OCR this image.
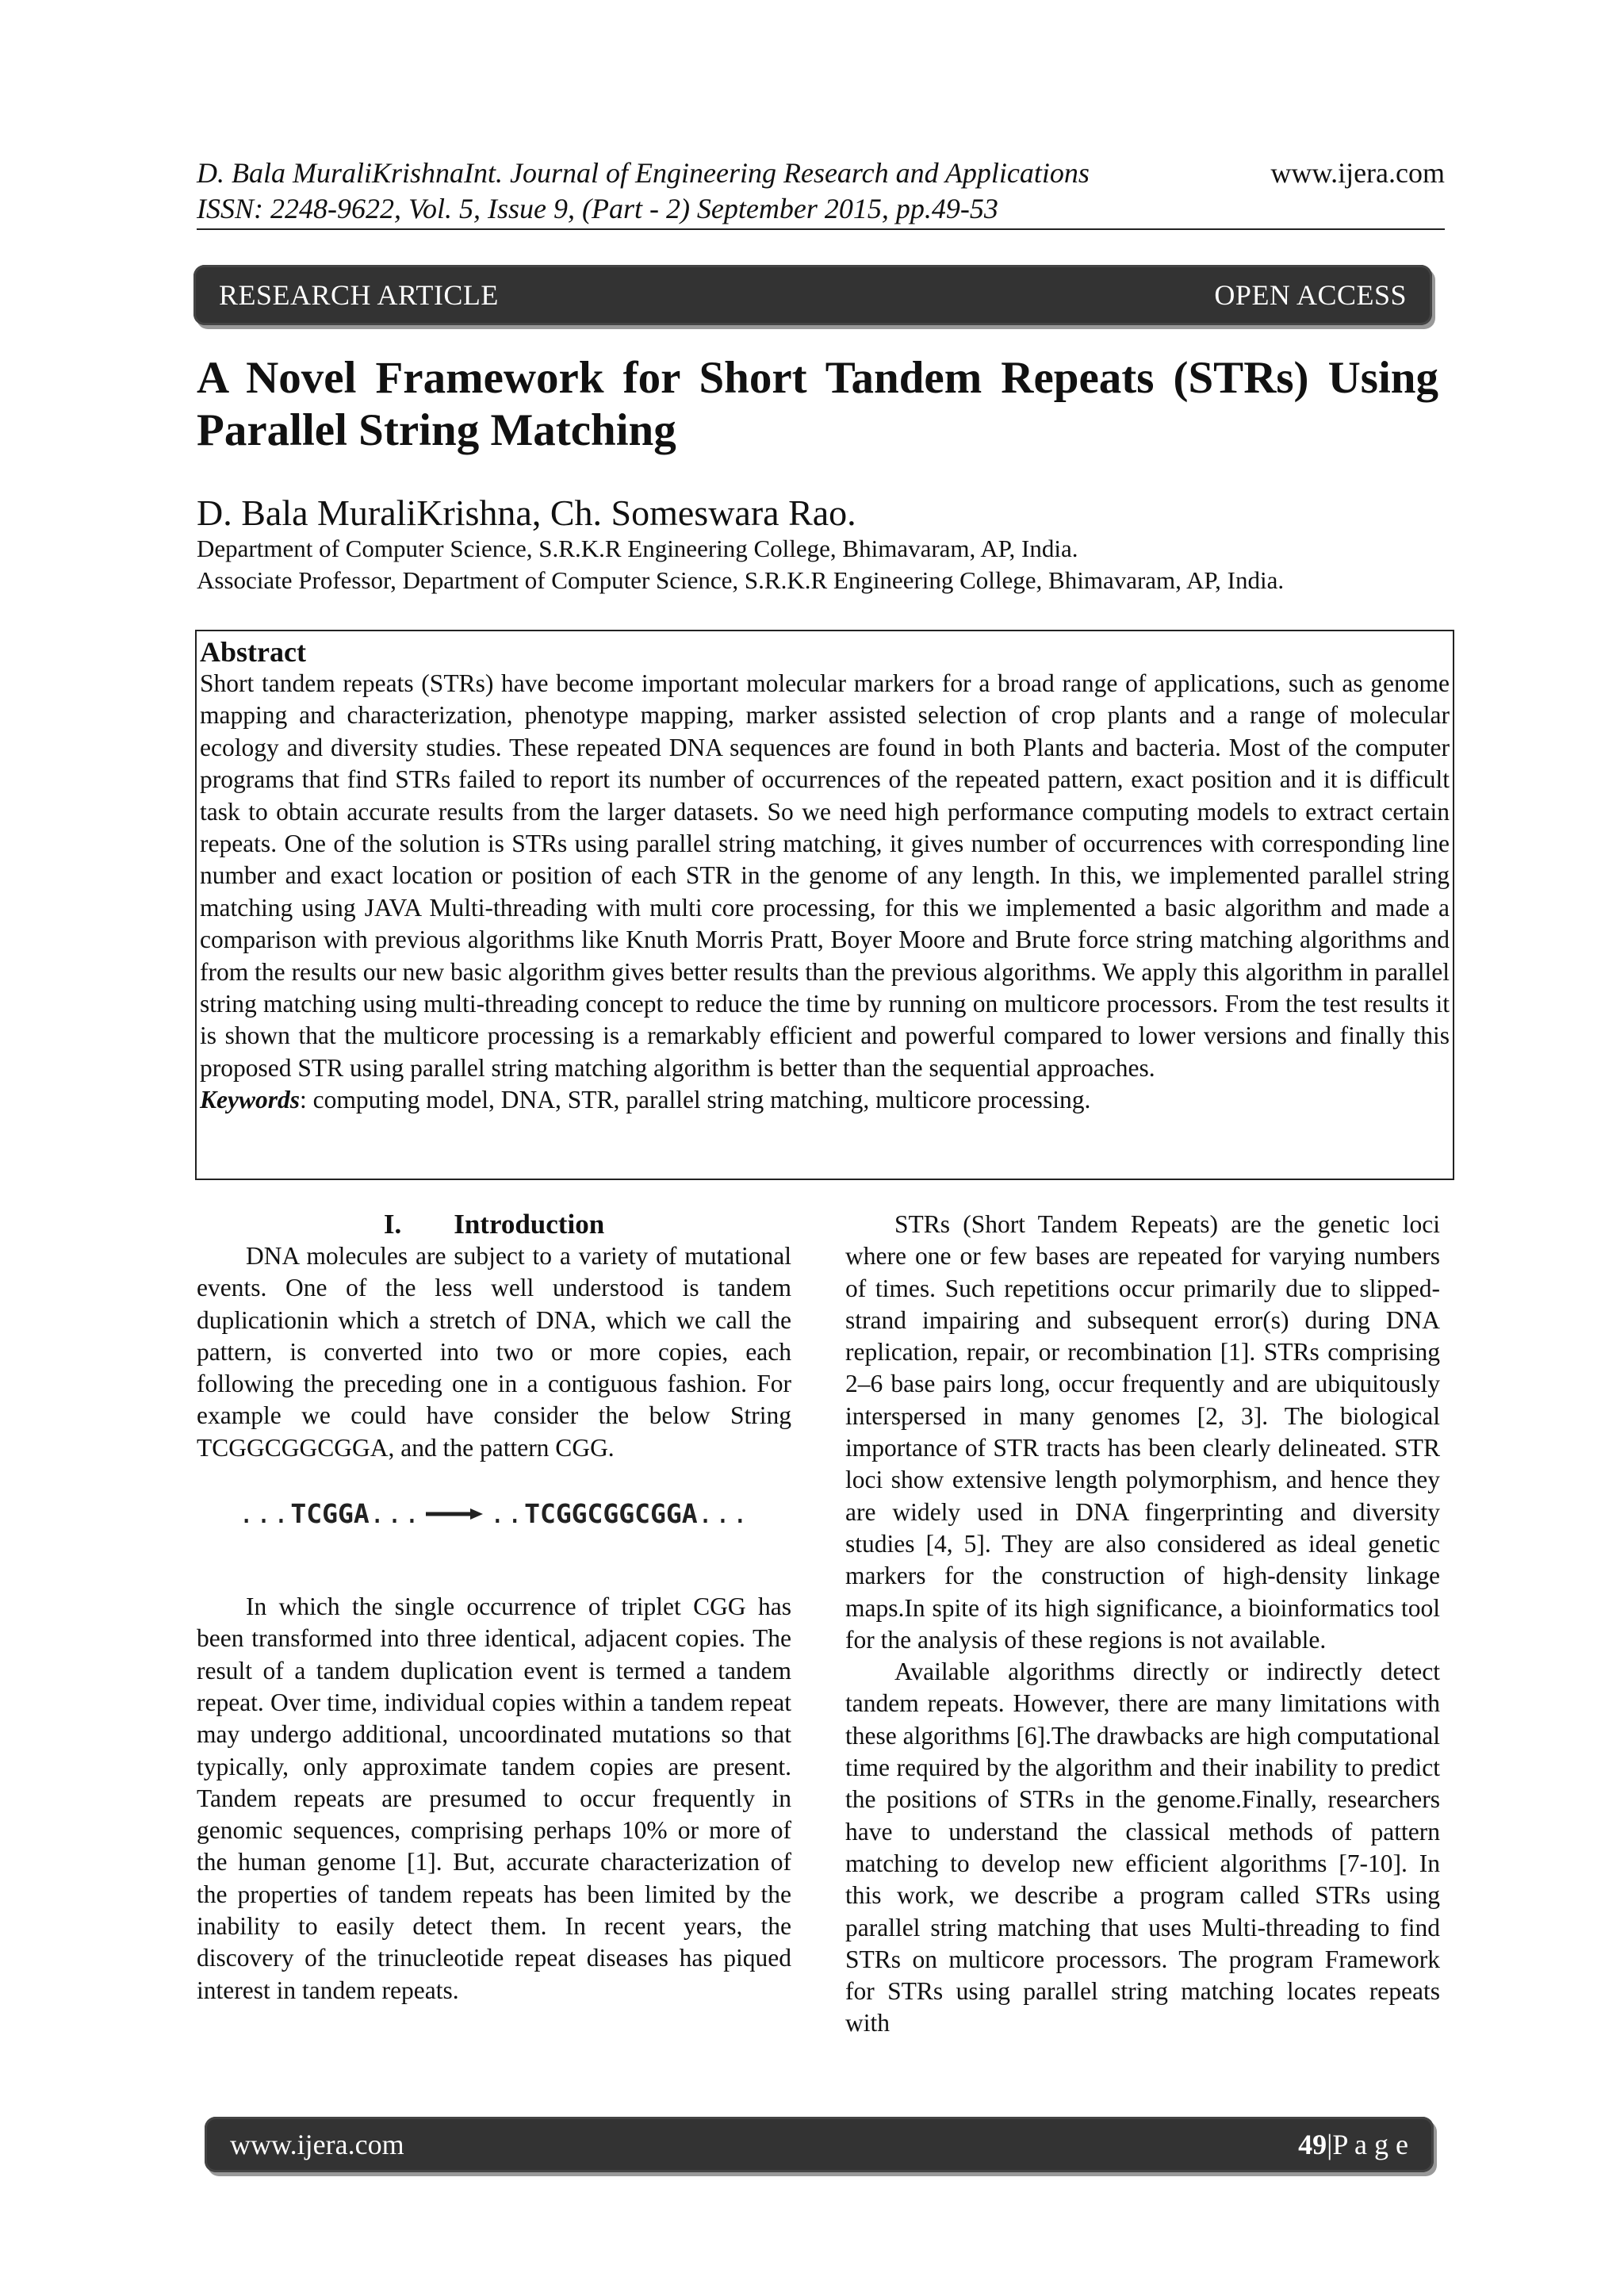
D. Bala MuraliKrishnaInt. Journal of Engineering Research and Applications	www.ijera.com
ISSN: 2248-9622, Vol. 5, Issue 9, (Part - 2) September 2015, pp.49-53
RESEARCH ARTICLE	OPEN ACCESS
A Novel Framework for Short Tandem Repeats (STRs) Using Parallel String Matching
D. Bala MuraliKrishna, Ch. Someswara Rao.
Department of Computer Science, S.R.K.R Engineering College, Bhimavaram, AP, India.
Associate Professor, Department of Computer Science, S.R.K.R Engineering College, Bhimavaram, AP, India.
Abstract

Short tandem repeats (STRs) have become important molecular markers for a broad range of applications, such as genome mapping and characterization, phenotype mapping, marker assisted selection of crop plants and a range of molecular ecology and diversity studies. These repeated DNA sequences are found in both Plants and bacteria. Most of the computer programs that find STRs failed to report its number of occurrences of the repeated pattern, exact position and it is difficult task to obtain accurate results from the larger datasets. So we need high performance computing models to extract certain repeats. One of the solution is STRs using parallel string matching, it gives number of occurrences with corresponding line number and exact location or position of each STR in the genome of any length. In this, we implemented parallel string matching using JAVA Multi-threading with multi core processing, for this we implemented a basic algorithm and made a comparison with previous algorithms like Knuth Morris Pratt, Boyer Moore and Brute force string matching algorithms and from the results our new basic algorithm gives better results than the previous algorithms. We apply this algorithm in parallel string matching using multi-threading concept to reduce the time by running on multicore processors. From the test results it is shown that the multicore processing is a remarkably efficient and powerful compared to lower versions and finally this proposed STR using parallel string matching algorithm is better than the sequential approaches.

Keywords: computing model, DNA, STR, parallel string matching, multicore processing.
I. Introduction

DNA molecules are subject to a variety of mutational events. One of the less well understood is tandem duplicationin which a stretch of DNA, which we call the pattern, is converted into two or more copies, each following the preceding one in a contiguous fashion. For example we could have consider the below String TCGGCGGCGGA, and the pattern CGG.

... TCGGA ...	.. TCGGCGGCGGA ...

In which the single occurrence of triplet CGG has been transformed into three identical, adjacent copies. The result of a tandem duplication event is termed a tandem repeat. Over time, individual copies within a tandem repeat may undergo additional, uncoordinated mutations so that typically, only approximate tandem copies are present. Tandem repeats are presumed to occur frequently in genomic sequences, comprising perhaps 10% or more of the human genome [1]. But, accurate characterization of the properties of tandem repeats has been limited by the inability to easily detect them. In recent years, the discovery of the trinucleotide repeat diseases has piqued interest in tandem repeats.

STRs (Short Tandem Repeats) are the genetic loci where one or few bases are repeated for varying numbers of times. Such repetitions occur primarily due to slipped-strand impairing and subsequent error(s) during DNA replication, repair, or recombination [1]. STRs comprising 2–6 base pairs long, occur frequently and are ubiquitously interspersed in many genomes [2, 3]. The biological importance of STR tracts has been clearly delineated. STR loci show extensive length polymorphism, and hence they are widely used in DNA fingerprinting and diversity studies [4, 5]. They are also considered as ideal genetic markers for the construction of high-density linkage maps.In spite of its high significance, a bioinformatics tool for the analysis of these regions is not available.

Available algorithms directly or indirectly detect tandem repeats. However, there are many limitations with these algorithms [6].The drawbacks are high computational time required by the algorithm and their inability to predict the positions of STRs in the genome.Finally, researchers have to understand the classical methods of pattern matching to develop new efficient algorithms [7-10]. In this work, we describe a program called STRs using parallel string matching that uses Multi-threading to find STRs on multicore processors. The program Framework for STRs using parallel string matching locates repeats with

www.ijera.com	49|P a g e
